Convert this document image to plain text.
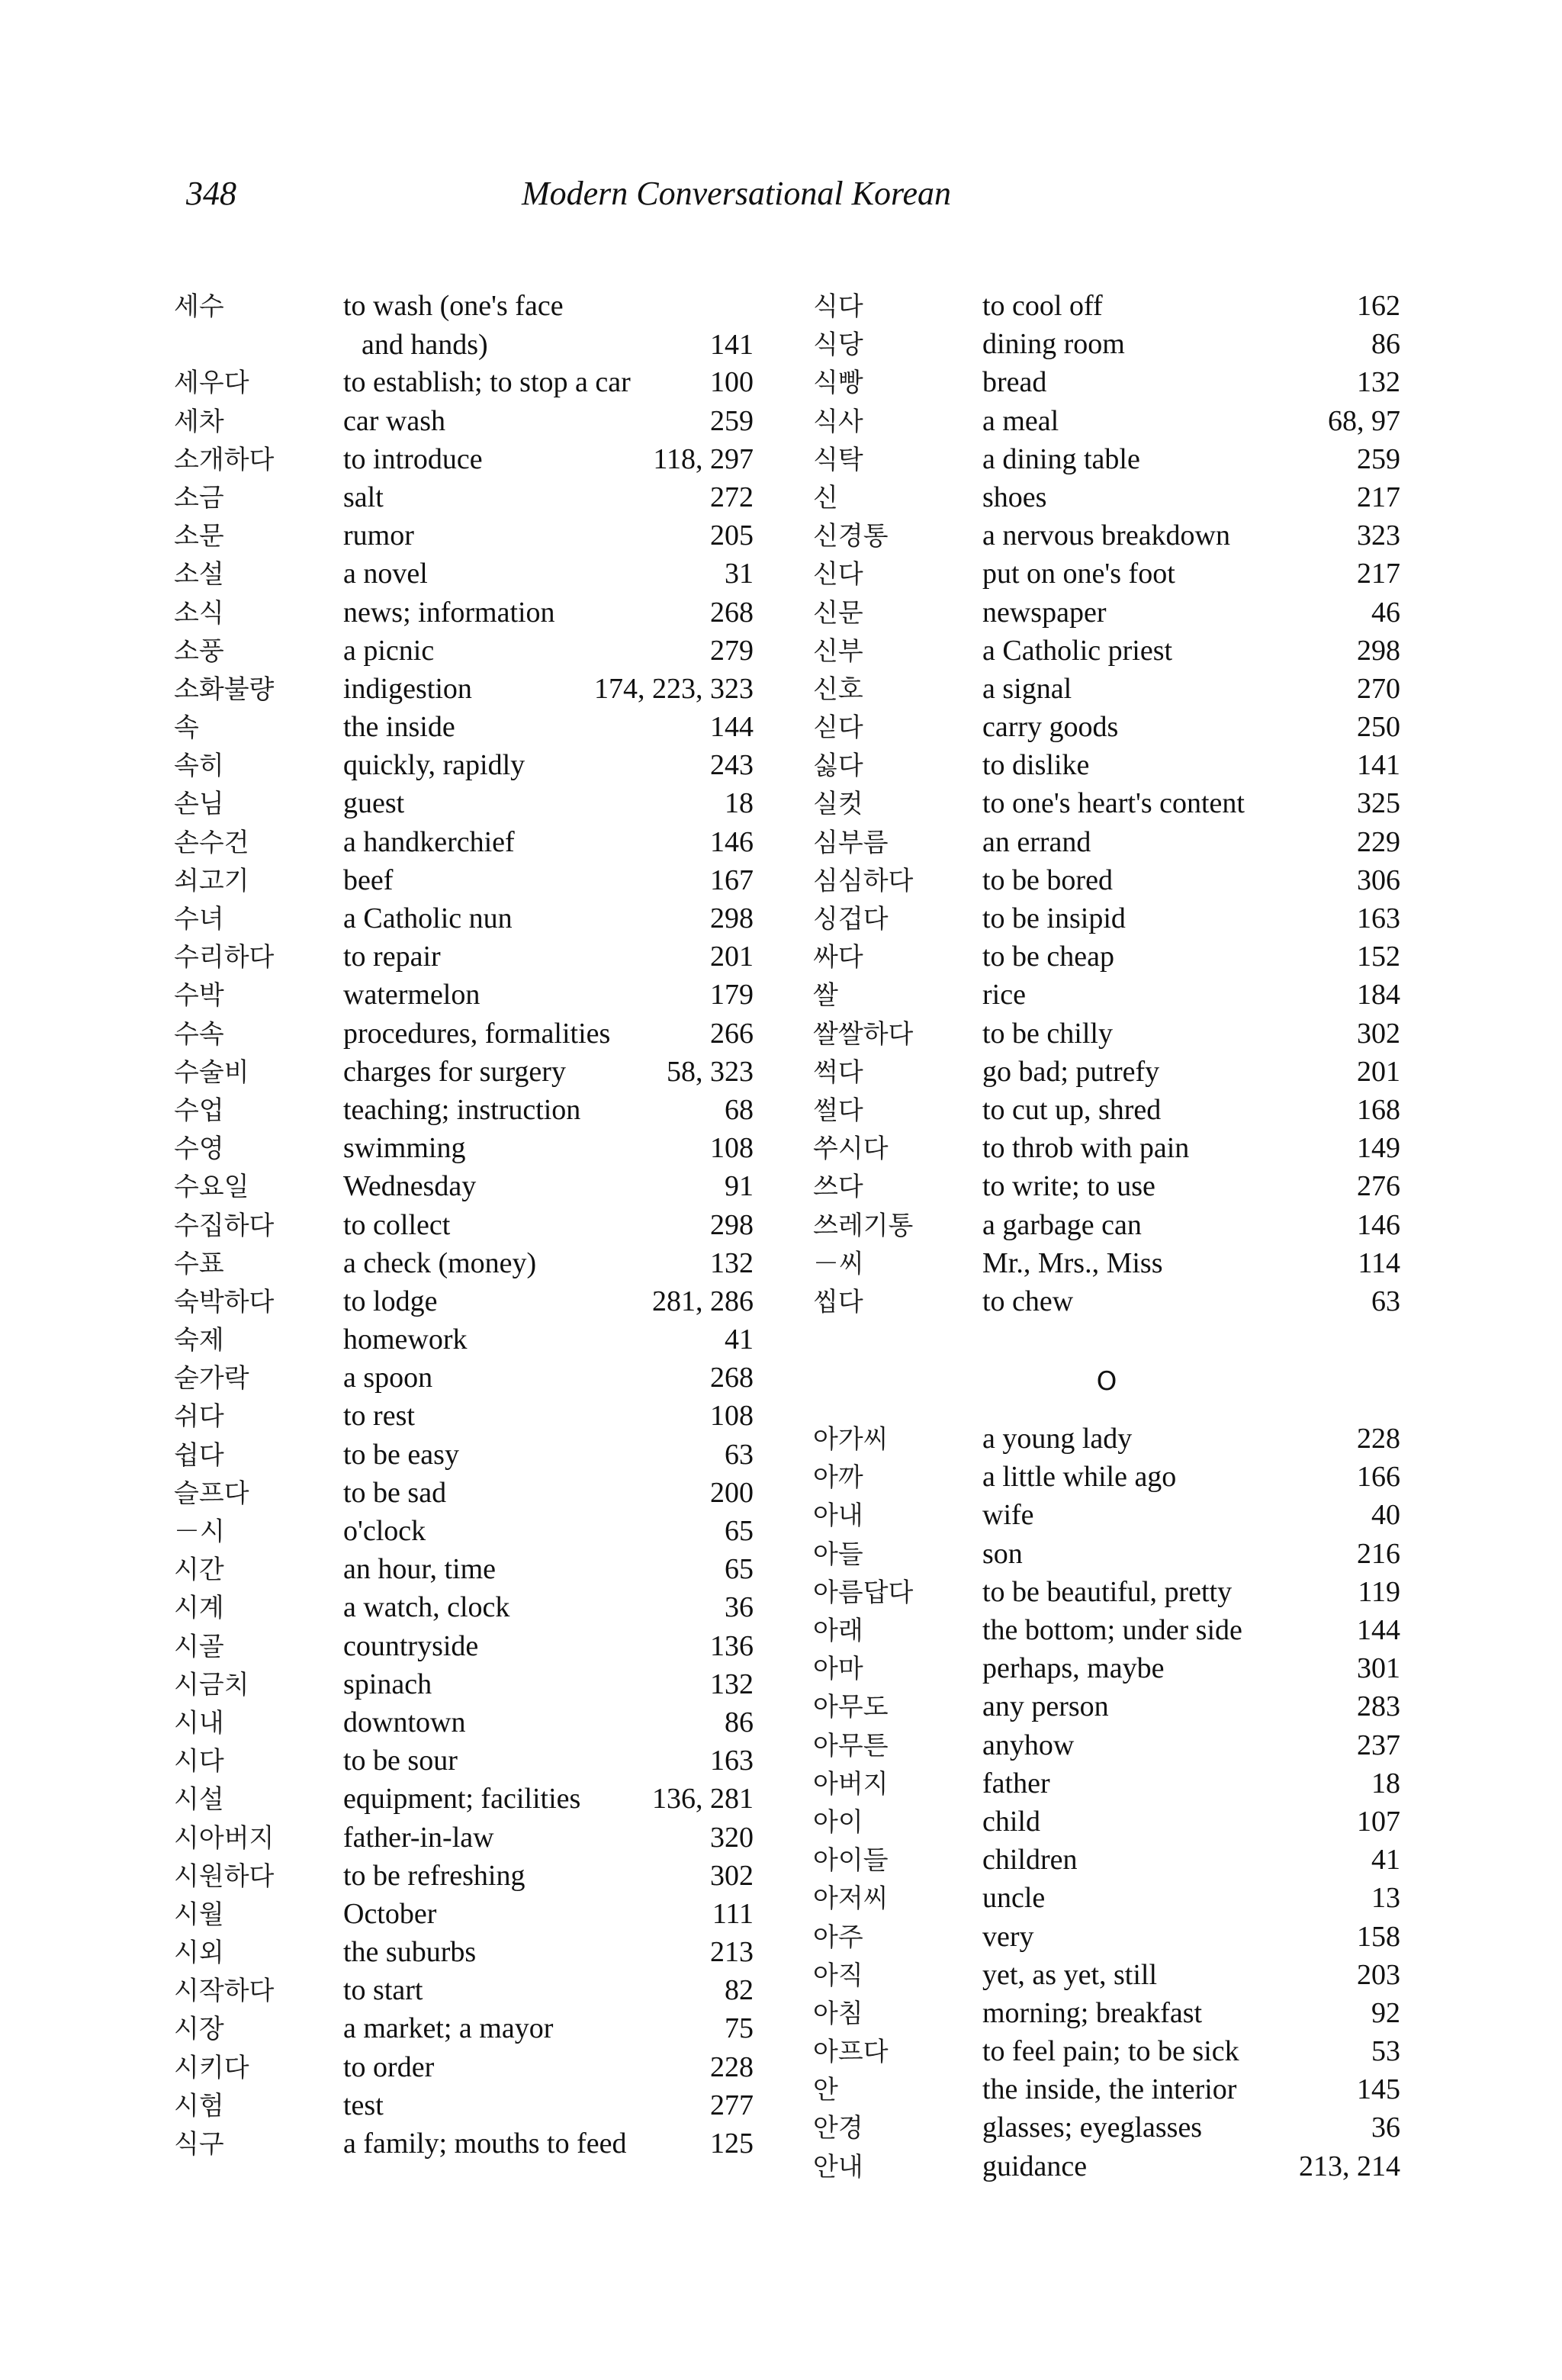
348	Modern Conversational Korean
세수	to wash (one's face
and hands)	141
세우다	to establish; to stop a car	100
세차	car wash	259
소개하다	to introduce	118, 297
소금	salt	272
소문	rumor	205
소설	a novel	31
소식	news; information	268
소풍	a picnic	279
소화불량	indigestion	174, 223, 323
속	the inside	144
속히	quickly, rapidly	243
손님	guest	18
손수건	a handkerchief	146
쇠고기	beef	167
수녀	a Catholic nun	298
수리하다	to repair	201
수박	watermelon	179
수속	procedures, formalities	266
수술비	charges for surgery	58, 323
수업	teaching; instruction	68
수영	swimming	108
수요일	Wednesday	91
수집하다	to collect	298
수표	a check (money)	132
숙박하다	to lodge	281, 286
숙제	homework	41
숟가락	a spoon	268
쉬다	to rest	108
쉽다	to be easy	63
슬프다	to be sad	200
－시	o'clock	65
시간	an hour, time	65
시계	a watch, clock	36
시골	countryside	136
시금치	spinach	132
시내	downtown	86
시다	to be sour	163
시설	equipment; facilities	136, 281
시아버지	father-in-law	320
시원하다	to be refreshing	302
시월	October	111
시외	the suburbs	213
시작하다	to start	82
시장	a market; a mayor	75
시키다	to order	228
시험	test	277
식구	a family; mouths to feed	125
식다	to cool off	162
식당	dining room	86
식빵	bread	132
식사	a meal	68, 97
식탁	a dining table	259
신	shoes	217
신경통	a nervous breakdown	323
신다	put on one's foot	217
신문	newspaper	46
신부	a Catholic priest	298
신호	a signal	270
싣다	carry goods	250
싫다	to dislike	141
실컷	to one's heart's content	325
심부름	an errand	229
심심하다	to be bored	306
싱겁다	to be insipid	163
싸다	to be cheap	152
쌀	rice	184
쌀쌀하다	to be chilly	302
썩다	go bad; putrefy	201
썰다	to cut up, shred	168
쑤시다	to throb with pain	149
쓰다	to write; to use	276
쓰레기통	a garbage can	146
－씨	Mr., Mrs., Miss	114
씹다	to chew	63
O
아가씨	a young lady	228
아까	a little while ago	166
아내	wife	40
아들	son	216
아름답다	to be beautiful, pretty	119
아래	the bottom; under side	144
아마	perhaps, maybe	301
아무도	any person	283
아무튼	anyhow	237
아버지	father	18
아이	child	107
아이들	children	41
아저씨	uncle	13
아주	very	158
아직	yet, as yet, still	203
아침	morning; breakfast	92
아프다	to feel pain; to be sick	53
안	the inside, the interior	145
안경	glasses; eyeglasses	36
안내	guidance	213, 214
